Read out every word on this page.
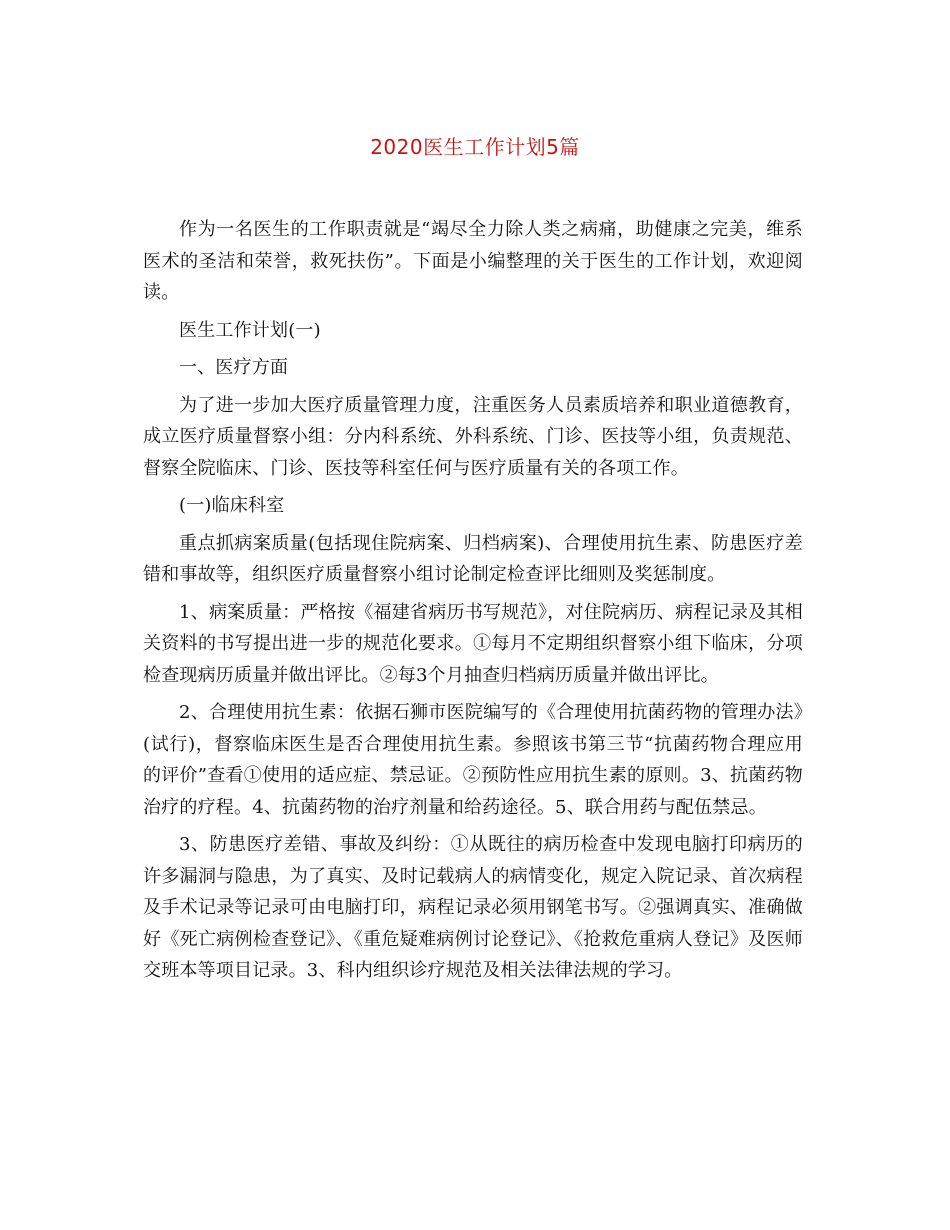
2020医生工作计划5篇

作为一名医生的工作职责就是“竭尽全力除人类之病痛，助健康之完美，维系医术的圣洁和荣誉，救死扶伤”。下面是小编整理的关于医生的工作计划，欢迎阅读。

医生工作计划(一)

一、医疗方面

为了进一步加大医疗质量管理力度，注重医务人员素质培养和职业道德教育，成立医疗质量督察小组：分内科系统、外科系统、门诊、医技等小组，负责规范、督察全院临床、门诊、医技等科室任何与医疗质量有关的各项工作。

(一)临床科室

重点抓病案质量(包括现住院病案、归档病案)、合理使用抗生素、防患医疗差错和事故等，组织医疗质量督察小组讨论制定检查评比细则及奖惩制度。

1、病案质量：严格按《福建省病历书写规范》，对住院病历、病程记录及其相关资料的书写提出进一步的规范化要求。①每月不定期组织督察小组下临床，分项检查现病历质量并做出评比。②每3个月抽查归档病历质量并做出评比。

2、合理使用抗生素：依据石狮市医院编写的《合理使用抗菌药物的管理办法》(试行)，督察临床医生是否合理使用抗生素。参照该书第三节“抗菌药物合理应用的评价”查看①使用的适应症、禁忌证。②预防性应用抗生素的原则。3、抗菌药物治疗的疗程。4、抗菌药物的治疗剂量和给药途径。5、联合用药与配伍禁忌。

3、防患医疗差错、事故及纠纷：①从既往的病历检查中发现电脑打印病历的许多漏洞与隐患，为了真实、及时记载病人的病情变化，规定入院记录、首次病程及手术记录等记录可由电脑打印，病程记录必须用钢笔书写。②强调真实、准确做好《死亡病例检查登记》、《重危疑难病例讨论登记》、《抢救危重病人登记》及医师交班本等项目记录。3、科内组织诊疗规范及相关法律法规的学习。
